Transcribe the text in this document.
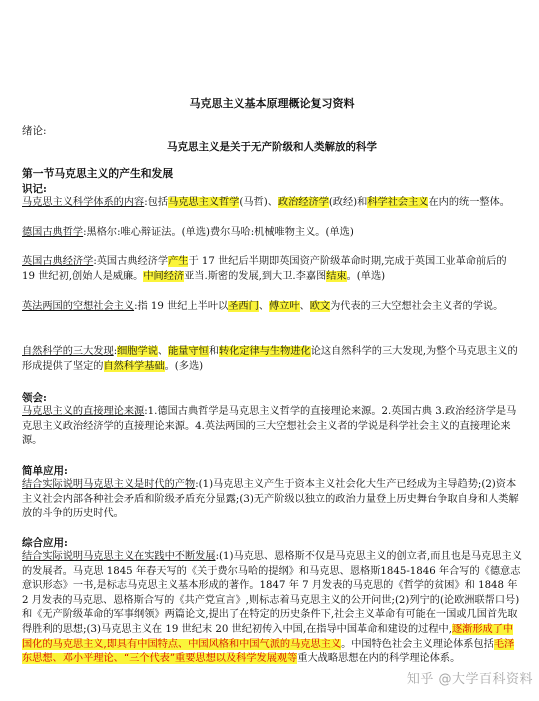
马克思主义基本原理概论复习资料
绪论:
马克思主义是关于无产阶级和人类解放的科学
第一节马克思主义的产生和发展
识记:
马克思主义科学体系的内容:包括马克思主义哲学(马哲)、政治经济学(政经)和科学社会主义在内的统一整体。
德国古典哲学:黑格尔:唯心辩证法。(单选)费尔马哈:机械唯物主义。(单选)
英国古典经济学:英国古典经济学产生于 17 世纪后半期即英国资产阶级革命时期,完成于英国工业革命前后的 19 世纪初,创始人是威廉。中间经济亚当.斯密的发展,到大卫.李嘉图结束。(单选)
英法两国的空想社会主义:指 19 世纪上半叶以圣西门、傅立叶、欧文为代表的三大空想社会主义者的学说。
自然科学的三大发现:细胞学说、能量守恒和转化定律与生物进化论这自然科学的三大发现,为整个马克思主义的形成提供了坚定的自然科学基础。(多选)
领会:
马克思主义的直接理论来源:1.德国古典哲学是马克思主义哲学的直接理论来源。2.英国古典 3.政治经济学是马克思主义政治经济学的直接理论来源。4.英法两国的三大空想社会主义者的学说是科学社会主义的直接理论来源。
简单应用:
结合实际说明马克思主义是时代的产物:(1)马克思主义产生于资本主义社会化大生产已经成为主导趋势;(2)资本主义社会内部各种社会矛盾和阶级矛盾充分显露;(3)无产阶级以独立的政治力量登上历史舞台争取自身和人类解放的斗争的历史时代。
综合应用:
结合实际说明马克思主义在实践中不断发展:(1)马克思、恩格斯不仅是马克思主义的创立者,而且也是马克思主义的发展者。马克思 1845 年春天写的《关于费尔马哈的提纲》和马克思、恩格斯1845-1846 年合写的《德意志意识形态》一书,是标志马克思主义基本形成的著作。1847 年 7 月发表的马克思的《哲学的贫困》和 1848 年 2 月发表的马克思、恩格斯合写的《共产党宣言》,则标志着马克思主义的公开问世;(2)列宁的(论欧洲联帮口号)和《无产阶级革命的军事纲领》两篇论文,提出了在特定的历史条件下,社会主义革命有可能在一国或几国首先取得胜利的思想;(3)马克思主义在 19 世纪末 20 世纪初传入中国,在指导中国革命和建设的过程中,逐渐形成了中国化的马克思主义,即具有中国特点、中国风格和中国气派的马克思主义。中国特色社会主义理论体系包括毛泽东思想、邓小平理论、“三个代表”重要思想以及科学发展观等重大战略思想在内的科学理论体系。
知乎 @大学百科资料
